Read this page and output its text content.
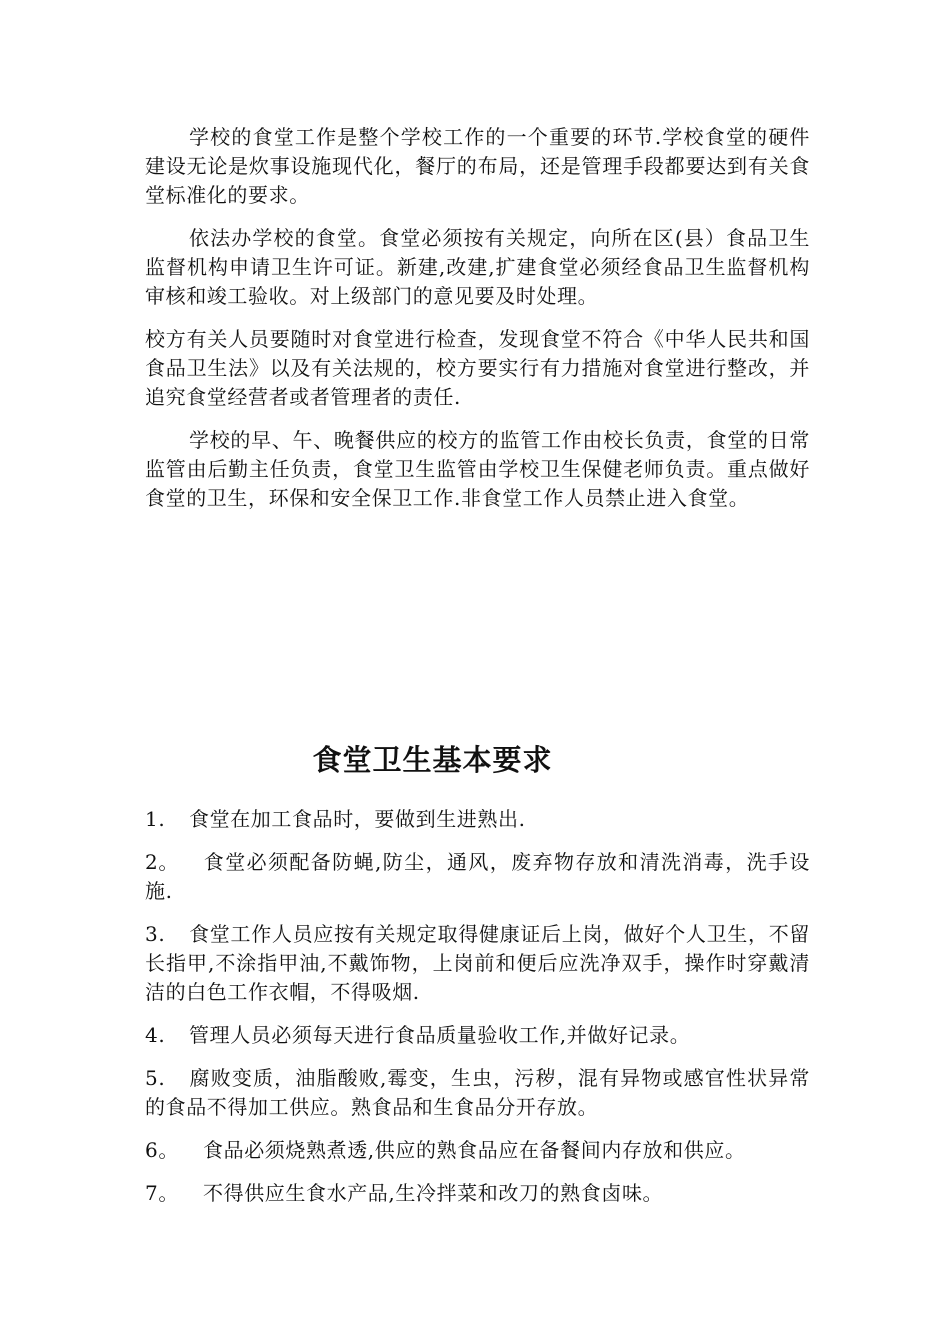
学校的食堂工作是整个学校工作的一个重要的环节.学校食堂的硬件建设无论是炊事设施现代化，餐厅的布局，还是管理手段都要达到有关食堂标准化的要求。

依法办学校的食堂。食堂必须按有关规定，向所在区(县）食品卫生监督机构申请卫生许可证。新建,改建,扩建食堂必须经食品卫生监督机构审核和竣工验收。对上级部门的意见要及时处理。

校方有关人员要随时对食堂进行检查，发现食堂不符合《中华人民共和国食品卫生法》以及有关法规的，校方要实行有力措施对食堂进行整改，并追究食堂经营者或者管理者的责任.

学校的早、午、晚餐供应的校方的监管工作由校长负责，食堂的日常监管由后勤主任负责，食堂卫生监管由学校卫生保健老师负责。重点做好食堂的卫生，环保和安全保卫工作.非食堂工作人员禁止进入食堂。

食堂卫生基本要求

1. 食堂在加工食品时，要做到生进熟出.

2。 食堂必须配备防蝇,防尘，通风，废弃物存放和清洗消毒，洗手设施.

3. 食堂工作人员应按有关规定取得健康证后上岗，做好个人卫生，不留长指甲,不涂指甲油,不戴饰物，上岗前和便后应洗净双手，操作时穿戴清洁的白色工作衣帽，不得吸烟.

4. 管理人员必须每天进行食品质量验收工作,并做好记录。

5. 腐败变质，油脂酸败,霉变，生虫，污秽，混有异物或感官性状异常的食品不得加工供应。熟食品和生食品分开存放。

6。 食品必须烧熟煮透,供应的熟食品应在备餐间内存放和供应。

7。 不得供应生食水产品,生冷拌菜和改刀的熟食卤味。
